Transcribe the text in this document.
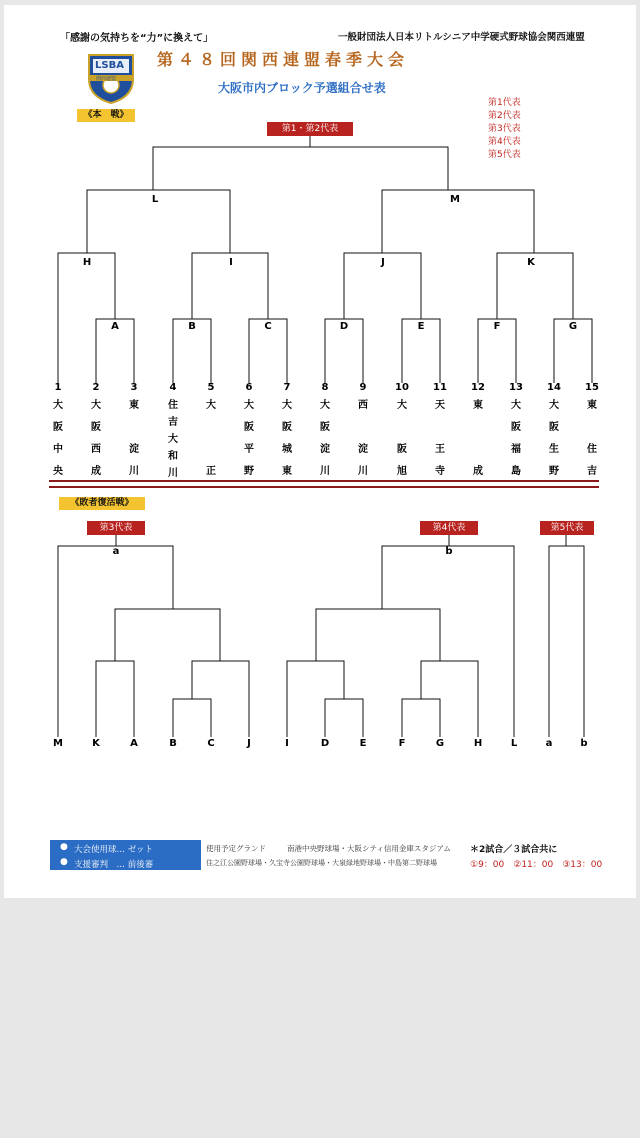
「感謝の気持ちを“力”に換えて」	一般財団法人日本リトルシニア中学硬式野球協会関西連盟
LSBA
関西連盟
第４８回関西連盟春季大会
大阪市内ブロック予選組合せ表
《本　戦》
第1代表
第2代表
第3代表
第4代表
第5代表
第1・第2代表
L	M
H	I	J	K
A	B	C	D	E	F	G
1
大
阪
中
央
2
大
阪
西
成
3
東
淀
川
4
住
吉
大
和
川
5
大
正
6
大
阪
平
野
7
大
阪
城
東
8
大
阪
淀
川
9
西
淀
川
10
大
阪
旭
11
天
王
寺
12
東
成
13
大
阪
福
島
14
大
阪
生
野
15
東
住
吉
《敗者復活戦》
第3代表	第4代表	第5代表
a	b
M	K	A	B	C	J	I	D	E	F	G	H	L	a	b
● 大会使用球… ゼット
● 支援審判　… 前後審
使用予定グランド	南港中央野球場・大阪シティ信用金庫スタジアム
住之江公園野球場・久宝寺公園野球場・大泉緑地野球場・中島第二野球場
＊2試合／３試合共に
①9：00　②11：00　③13：00
